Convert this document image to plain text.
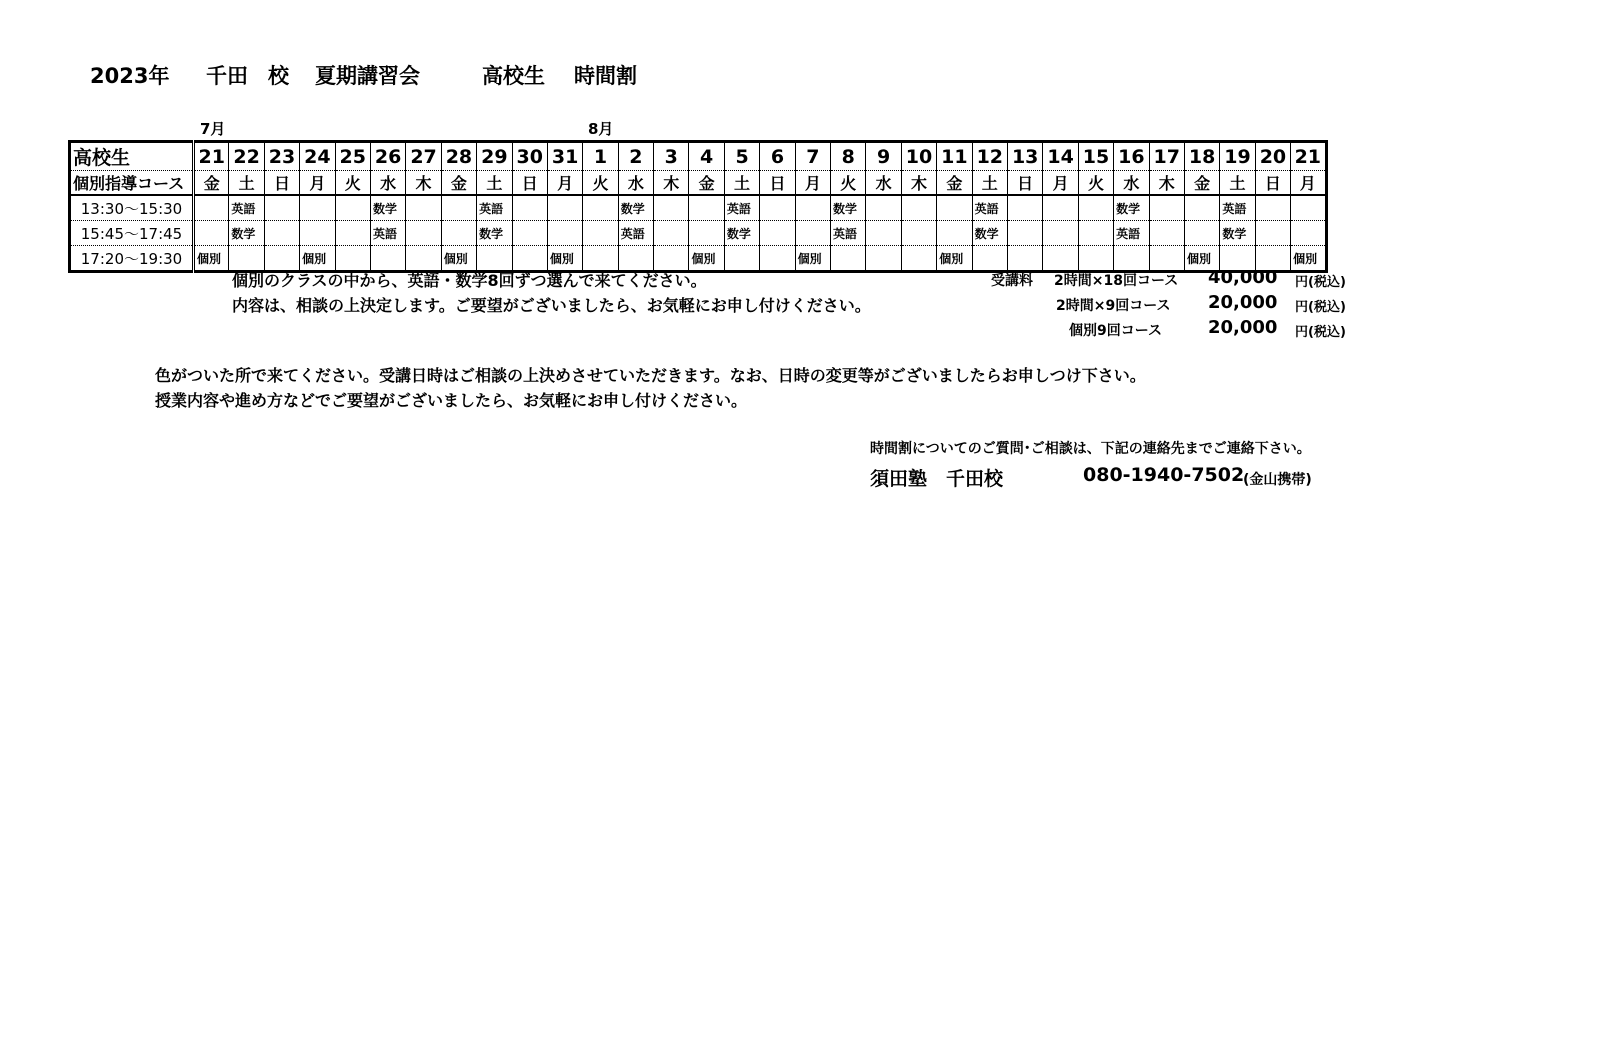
2023年 千田 校 夏期講習会	高校生 時間割
7月	8月
高校生	21	22	23	24	25	26	27	28	29	30	31	1	2	3	4	5	6	7	8	9	10	11	12	13	14	15	16	17	18	19	20	21
個別指導コース	金	土	日	月	火	水	木	金	土	日	月	火	水	木	金	土	日	月	火	水	木	金	土	日	月	火	水	木	金	土	日	月
13:30～15:30		英語				数学			英語				数学			英語			数学				英語				数学			英語		
15:45～17:45		数学				英語			数学				英語			数学			英語				数学				英語			数学		
17:20～19:30	個別			個別				個別			個別				個別			個別				個別							個別			個別
個別のクラスの中から、英語・数学8回ずつ選んで来てください。
内容は、相談の上決定します。ご要望がございましたら、お気軽にお申し付けください。
受講料 2時間×18回コース 40,000 円(税込)
2時間×9回コース 20,000 円(税込)
個別9回コース	20,000 円(税込)
色がついた所で来てください。受講日時はご相談の上決めさせていただきます。なお、日時の変更等がございましたらお申しつけ下さい。
授業内容や進め方などでご要望がございましたら、お気軽にお申し付けください。
時間割についてのご質問･ご相談は、下記の連絡先までご連絡下さい。
須田塾　千田校	080-1940-7502
(金山携帯)
